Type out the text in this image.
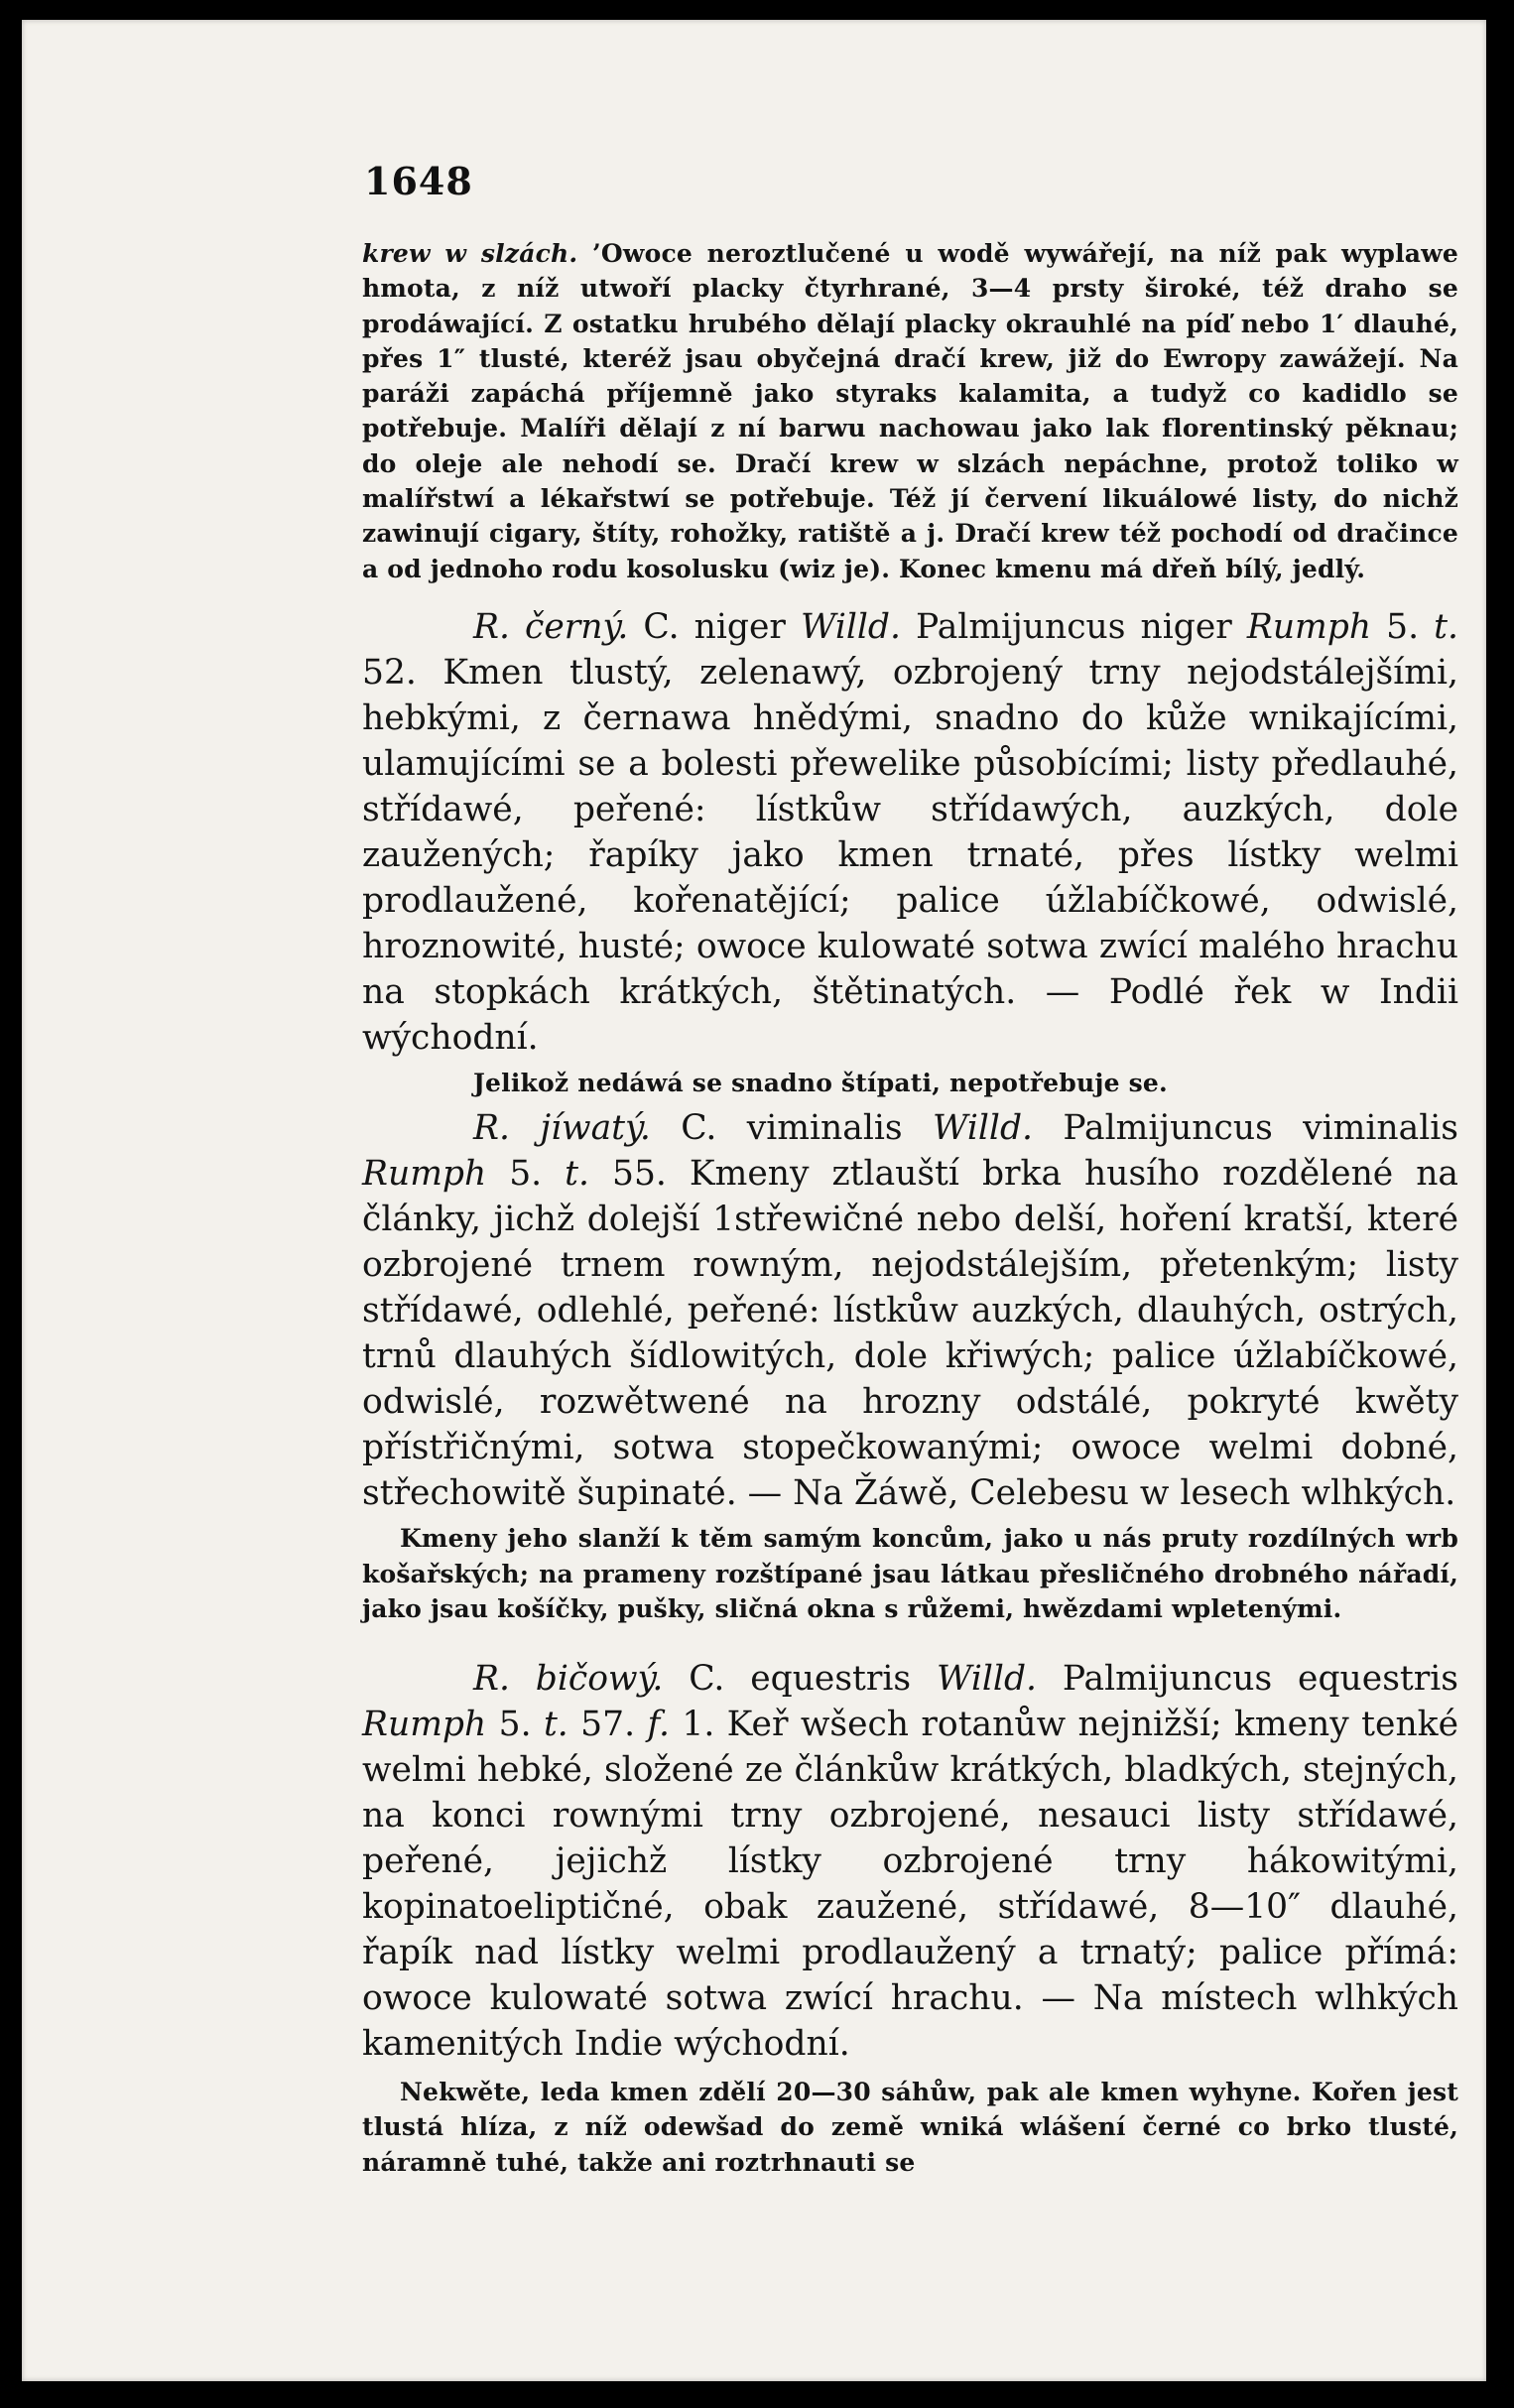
1648

krew w slzách. ’Owoce neroztlučené u wodě wywářejí, na níž pak wyplawe hmota, z níž utwoří placky čtyrhrané, 3—4 prsty široké, též draho se prodáwající. Z ostatku hrubého dělají placky okrauhlé na píď nebo 1′ dlauhé, přes 1″ tlusté, kteréž jsau obyčejná dračí krew, již do Ewropy zawážejí. Na paráži zapáchá příjemně jako styraks kalamita, a tudyž co kadidlo se potřebuje. Malíři dělají z ní barwu nachowau jako lak florentinský pěknau; do oleje ale nehodí se. Dračí krew w slzách nepáchne, protož toliko w malířstwí a lékařstwí se potřebuje. Též jí červení likuálowé listy, do nichž zawinují cigary, štíty, rohožky, ratiště a j. Dračí krew též pochodí od dračince a od jednoho rodu kosolusku (wiz je). Konec kmenu má dřeň bílý, jedlý.

R. černý. C. niger Willd. Palmijuncus niger Rumph 5. t. 52. Kmen tlustý, zelenawý, ozbrojený trny nejodstálejšími, hebkými, z černawa hnědými, snadno do kůže wnikajícími, ulamujícími se a bolesti přewelike působícími; listy předlauhé, střídawé, peřené: lístkůw střídawých, auzkých, dole zaužených; řapíky jako kmen trnaté, přes lístky welmi prodlaužené, kořenatějící; palice úžlabíčkowé, odwislé, hroznowité, husté; owoce kulowaté sotwa zwící malého hrachu na stopkách krátkých, štětinatých. — Podlé řek w Indii wýchodní.

Jelikož nedáwá se snadno štípati, nepotřebuje se.

R. jíwatý. C. viminalis Willd. Palmijuncus viminalis Rumph 5. t. 55. Kmeny ztlauští brka husího rozdělené na články, jichž dolejší 1střewičné nebo delší, hoření kratší, které ozbrojené trnem rowným, nejodstálejším, přetenkým; listy střídawé, odlehlé, peřené: lístkůw auzkých, dlauhých, ostrých, trnů dlauhých šídlowitých, dole křiwých; palice úžlabíčkowé, odwislé, rozwětwené na hrozny odstálé, pokryté kwěty přístřičnými, sotwa stopečkowanými; owoce welmi dobné, střechowitě šupinaté. — Na Žáwě, Celebesu w lesech wlhkých.

Kmeny jeho slanží k těm samým koncům, jako u nás pruty rozdílných wrb košařských; na prameny rozštípané jsau látkau přesličného drobného nářadí, jako jsau košíčky, pušky, sličná okna s růžemi, hwězdami wpletenými.

R. bičowý. C. equestris Willd. Palmijuncus equestris Rumph 5. t. 57. f. 1. Keř wšech rotanůw nejnižší; kmeny tenké welmi hebké, složené ze článkůw krátkých, bladkých, stejných, na konci rownými trny ozbrojené, nesauci listy střídawé, peřené, jejichž lístky ozbrojené trny hákowitými, kopinatoeliptičné, obak zaužené, střídawé, 8—10″ dlauhé, řapík nad lístky welmi prodlaužený a trnatý; palice přímá: owoce kulowaté sotwa zwící hrachu. — Na místech wlhkých kamenitých Indie wýchodní.

Nekwěte, leda kmen zdělí 20—30 sáhůw, pak ale kmen wyhyne. Kořen jest tlustá hlíza, z níž odewšad do země wniká wlášení černé co brko tlusté, náramně tuhé, takže ani roztrhnauti se
